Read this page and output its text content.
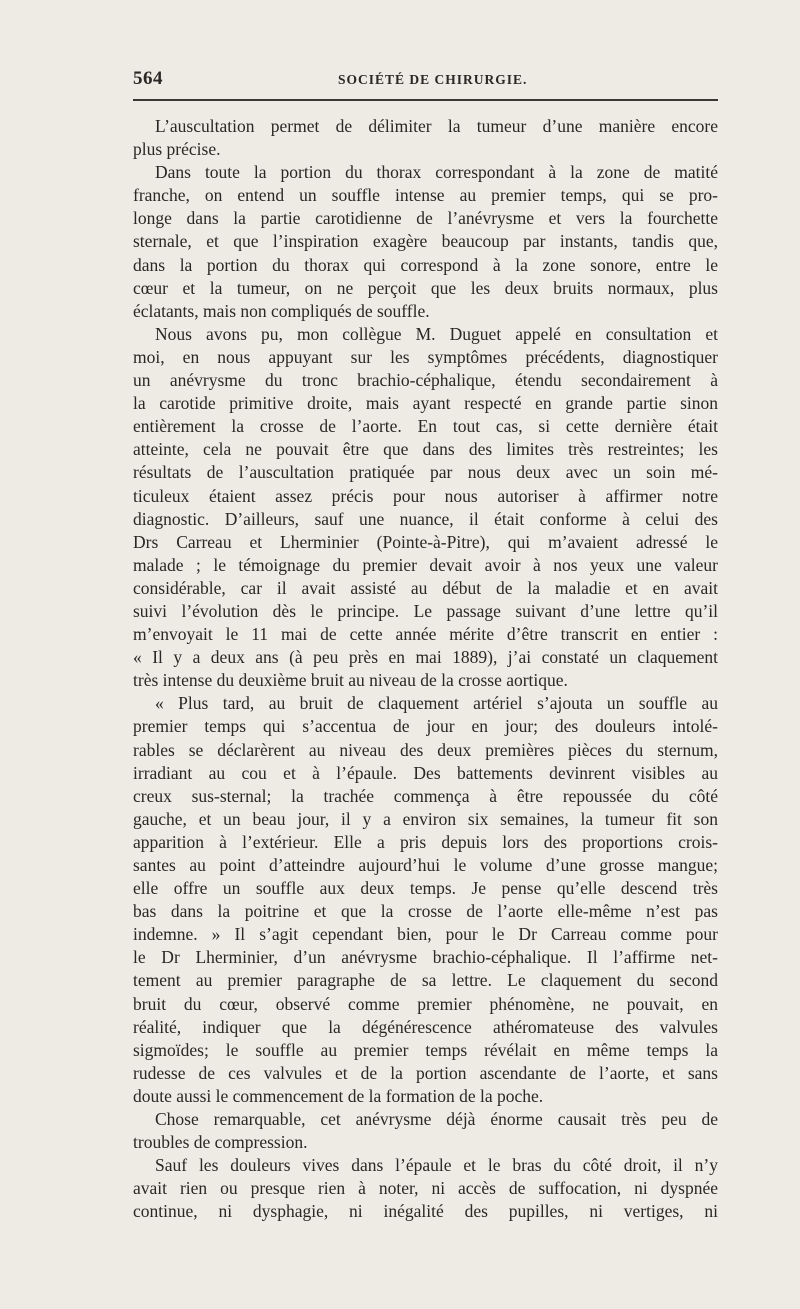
564	SOCIÉTÉ DE CHIRURGIE.
L’auscultation permet de délimiter la tumeur d’une manière encore
plus précise.
Dans toute la portion du thorax correspondant à la zone de matité
franche, on entend un souffle intense au premier temps, qui se pro-
longe dans la partie carotidienne de l’anévrysme et vers la fourchette
sternale, et que l’inspiration exagère beaucoup par instants, tandis que,
dans la portion du thorax qui correspond à la zone sonore, entre le
cœur et la tumeur, on ne perçoit que les deux bruits normaux, plus
éclatants, mais non compliqués de souffle.
Nous avons pu, mon collègue M. Duguet appelé en consultation et
moi, en nous appuyant sur les symptômes précédents, diagnostiquer
un anévrysme du tronc brachio-céphalique, étendu secondairement à
la carotide primitive droite, mais ayant respecté en grande partie sinon
entièrement la crosse de l’aorte. En tout cas, si cette dernière était
atteinte, cela ne pouvait être que dans des limites très restreintes; les
résultats de l’auscultation pratiquée par nous deux avec un soin mé-
ticuleux étaient assez précis pour nous autoriser à affirmer notre
diagnostic. D’ailleurs, sauf une nuance, il était conforme à celui des
Drs Carreau et Lherminier (Pointe-à-Pitre), qui m’avaient adressé le
malade ; le témoignage du premier devait avoir à nos yeux une valeur
considérable, car il avait assisté au début de la maladie et en avait
suivi l’évolution dès le principe. Le passage suivant d’une lettre qu’il
m’envoyait le 11 mai de cette année mérite d’être transcrit en entier :
« Il y a deux ans (à peu près en mai 1889), j’ai constaté un claquement
très intense du deuxième bruit au niveau de la crosse aortique.
« Plus tard, au bruit de claquement artériel s’ajouta un souffle au
premier temps qui s’accentua de jour en jour; des douleurs intolé-
rables se déclarèrent au niveau des deux premières pièces du sternum,
irradiant au cou et à l’épaule. Des battements devinrent visibles au
creux sus-sternal; la trachée commença à être repoussée du côté
gauche, et un beau jour, il y a environ six semaines, la tumeur fit son
apparition à l’extérieur. Elle a pris depuis lors des proportions crois-
santes au point d’atteindre aujourd’hui le volume d’une grosse mangue;
elle offre un souffle aux deux temps. Je pense qu’elle descend très
bas dans la poitrine et que la crosse de l’aorte elle-même n’est pas
indemne. » Il s’agit cependant bien, pour le Dr Carreau comme pour
le Dr Lherminier, d’un anévrysme brachio-céphalique. Il l’affirme net-
tement au premier paragraphe de sa lettre. Le claquement du second
bruit du cœur, observé comme premier phénomène, ne pouvait, en
réalité, indiquer que la dégénérescence athéromateuse des valvules
sigmoïdes; le souffle au premier temps révélait en même temps la
rudesse de ces valvules et de la portion ascendante de l’aorte, et sans
doute aussi le commencement de la formation de la poche.
Chose remarquable, cet anévrysme déjà énorme causait très peu de
troubles de compression.
Sauf les douleurs vives dans l’épaule et le bras du côté droit, il n’y
avait rien ou presque rien à noter, ni accès de suffocation, ni dyspnée
continue, ni dysphagie, ni inégalité des pupilles, ni vertiges, ni
